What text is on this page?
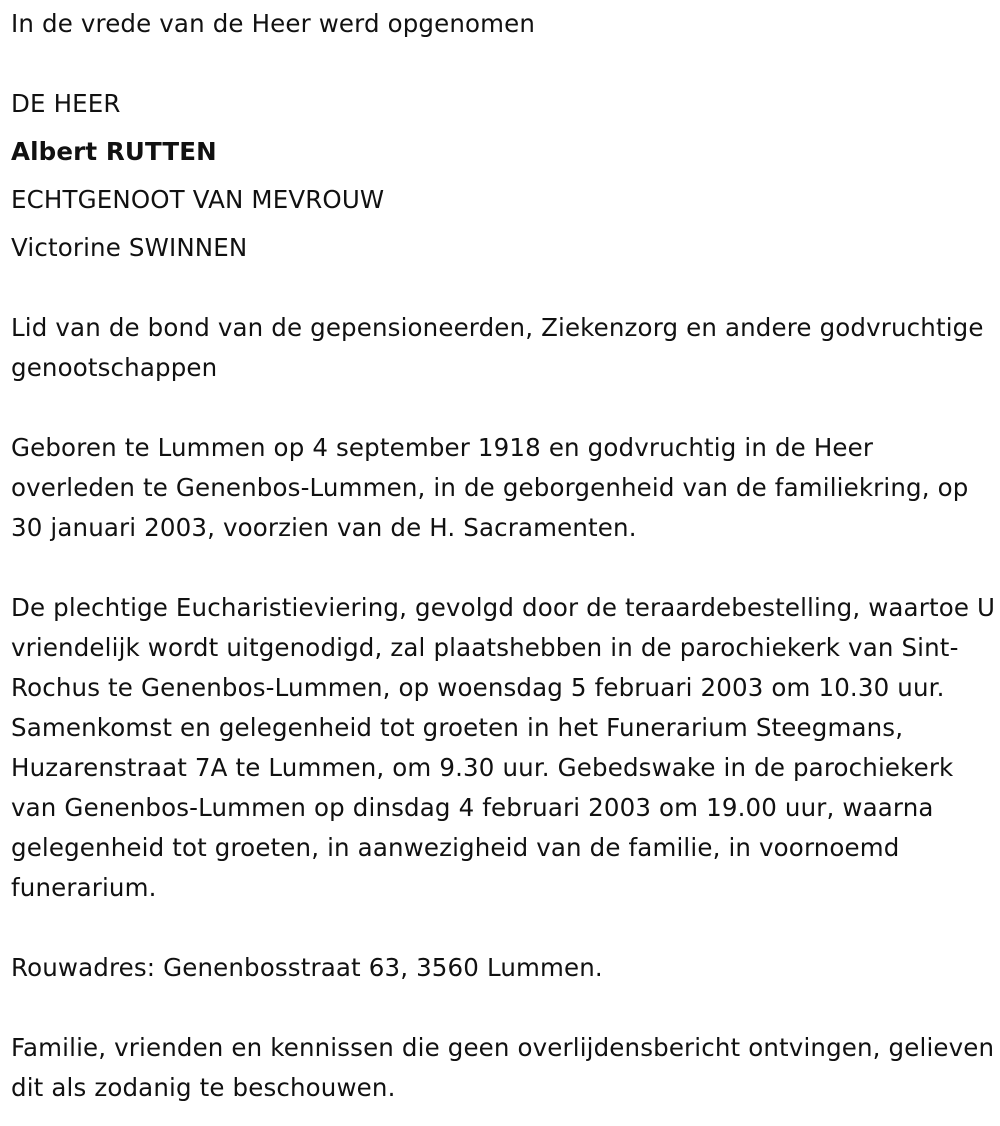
In de vrede van de Heer werd opgenomen

DE HEER

Albert RUTTEN

ECHTGENOOT VAN MEVROUW

Victorine SWINNEN

Lid van de bond van de gepensioneerden, Ziekenzorg en andere godvruchtige genootschappen

Geboren te Lummen op 4 september 1918 en godvruchtig in de Heer overleden te Genenbos-Lummen, in de geborgenheid van de familiekring, op 30 januari 2003, voorzien van de H. Sacramenten.

De plechtige Eucharistieviering, gevolgd door de teraardebestelling, waartoe U vriendelijk wordt uitgenodigd, zal plaatshebben in de parochiekerk van Sint-Rochus te Genenbos-Lummen, op woensdag 5 februari 2003 om 10.30 uur. Samenkomst en gelegenheid tot groeten in het Funerarium Steegmans, Huzarenstraat 7A te Lummen, om 9.30 uur. Gebedswake in de parochiekerk van Genenbos-Lummen op dinsdag 4 februari 2003 om 19.00 uur, waarna gelegenheid tot groeten, in aanwezigheid van de familie, in voornoemd funerarium.

Rouwadres: Genenbosstraat 63, 3560 Lummen.

Familie, vrienden en kennissen die geen overlijdensbericht ontvingen, gelieven dit als zodanig te beschouwen.
